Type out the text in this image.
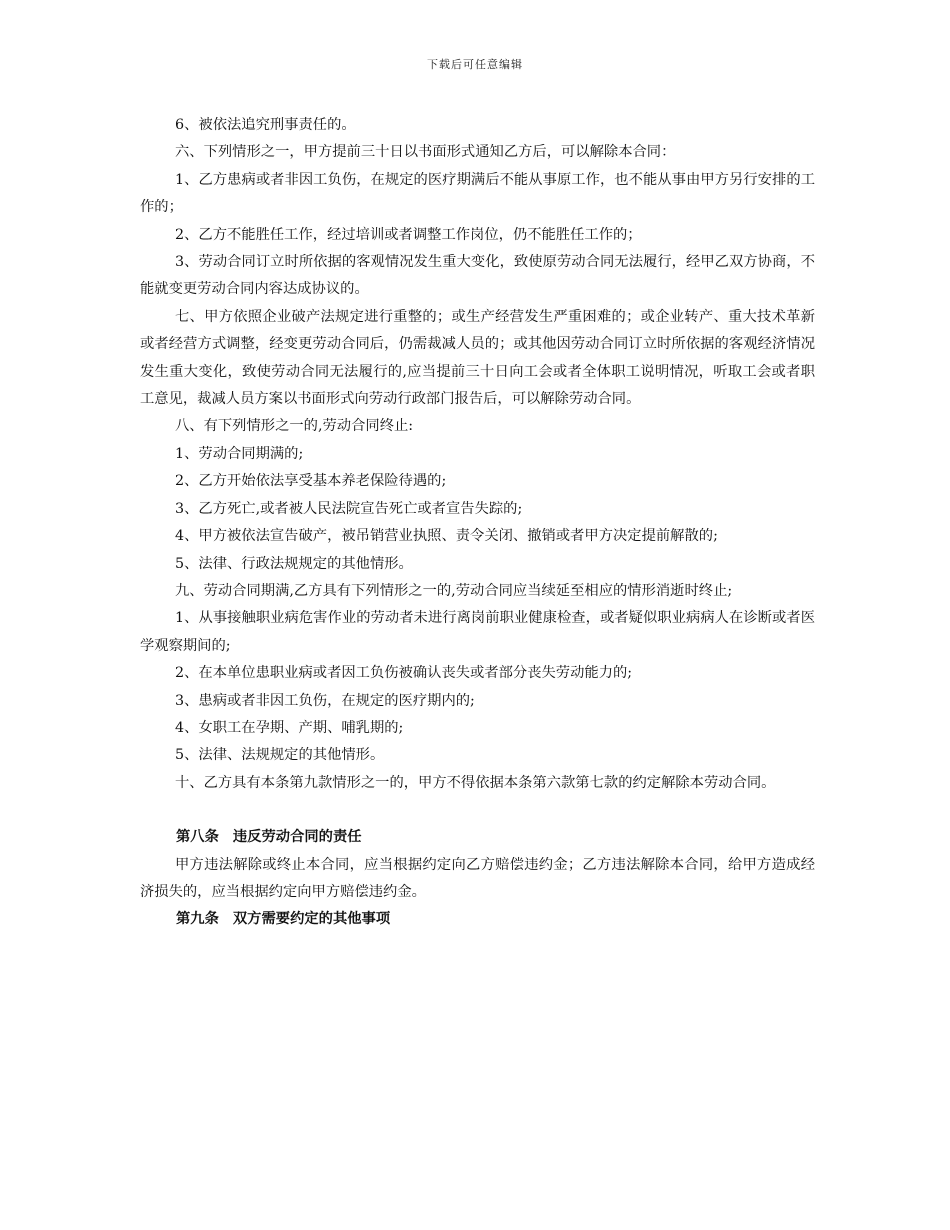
下载后可任意编辑

6、被依法追究刑事责任的。

六、下列情形之一，甲方提前三十日以书面形式通知乙方后，可以解除本合同：

1、乙方患病或者非因工负伤，在规定的医疗期满后不能从事原工作，也不能从事由甲方另行安排的工作的；

2、乙方不能胜任工作，经过培训或者调整工作岗位，仍不能胜任工作的；

3、劳动合同订立时所依据的客观情况发生重大变化，致使原劳动合同无法履行，经甲乙双方协商，不能就变更劳动合同内容达成协议的。

七、甲方依照企业破产法规定进行重整的；或生产经营发生严重困难的；或企业转产、重大技术革新或者经营方式调整，经变更劳动合同后，仍需裁减人员的；或其他因劳动合同订立时所依据的客观经济情况发生重大变化，致使劳动合同无法履行的,应当提前三十日向工会或者全体职工说明情况，听取工会或者职工意见，裁减人员方案以书面形式向劳动行政部门报告后，可以解除劳动合同。

八、有下列情形之一的,劳动合同终止:

1、劳动合同期满的;

2、乙方开始依法享受基本养老保险待遇的;

3、乙方死亡,或者被人民法院宣告死亡或者宣告失踪的;

4、甲方被依法宣告破产，被吊销营业执照、责令关闭、撤销或者甲方决定提前解散的;

5、法律、行政法规规定的其他情形。

九、劳动合同期满,乙方具有下列情形之一的,劳动合同应当续延至相应的情形消逝时终止;

1、从事接触职业病危害作业的劳动者未进行离岗前职业健康检查，或者疑似职业病病人在诊断或者医学观察期间的;

2、在本单位患职业病或者因工负伤被确认丧失或者部分丧失劳动能力的;

3、患病或者非因工负伤，在规定的医疗期内的;

4、女职工在孕期、产期、哺乳期的;

5、法律、法规规定的其他情形。

十、乙方具有本条第九款情形之一的，甲方不得依据本条第六款第七款的约定解除本劳动合同。

第八条 违反劳动合同的责任

甲方违法解除或终止本合同，应当根据约定向乙方赔偿违约金；乙方违法解除本合同，给甲方造成经济损失的，应当根据约定向甲方赔偿违约金。

第九条 双方需要约定的其他事项
